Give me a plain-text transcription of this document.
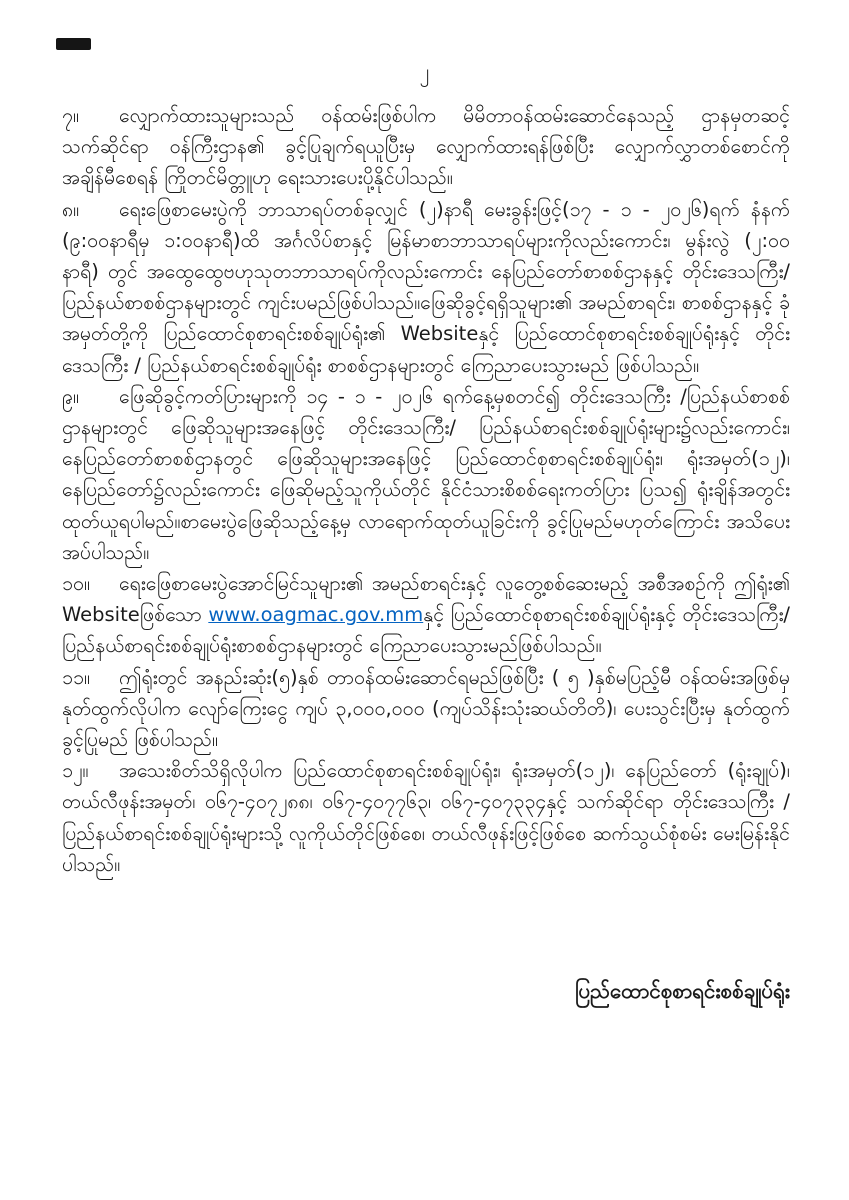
၂

၇။ လျှောက်ထားသူများသည် ဝန်ထမ်းဖြစ်ပါက မိမိတာဝန်ထမ်းဆောင်နေသည့် ဌာနမှတဆင့် သက်ဆိုင်ရာ ဝန်ကြီးဌာန၏ ခွင့်ပြုချက်ရယူပြီးမှ လျှောက်ထားရန်ဖြစ်ပြီး လျှောက်လွှာတစ်စောင်ကို အချိန်မီစေရန် ကြိုတင်မိတ္တူဟု ရေးသားပေးပို့နိုင်ပါသည်။

၈။ ရေးဖြေစာမေးပွဲကို ဘာသာရပ်တစ်ခုလျှင် (၂)နာရီ မေးခွန်းဖြင့်(၁၇ - ၁ - ၂၀၂၆)ရက် နံနက် (၉:၀၀နာရီမှ ၁:၀၀နာရီ)ထိ အင်္ဂလိပ်စာနှင့် မြန်မာစာဘာသာရပ်များကိုလည်းကောင်း၊ မွန်းလွဲ (၂:၀၀ နာရီ) တွင် အထွေထွေဗဟုသုတဘာသာရပ်ကိုလည်းကောင်း နေပြည်တော်စာစစ်ဌာနနှင့် တိုင်းဒေသကြီး/ ပြည်နယ်စာစစ်ဌာနများတွင် ကျင်းပမည်ဖြစ်ပါသည်။ဖြေဆိုခွင့်ရရှိသူများ၏ အမည်စာရင်း၊ စာစစ်ဌာနနှင့် ခုံအမှတ်တို့ကို ပြည်ထောင်စုစာရင်းစစ်ချုပ်ရုံး၏ Websiteနှင့် ပြည်ထောင်စုစာရင်းစစ်ချုပ်ရုံးနှင့် တိုင်းဒေသကြီး / ပြည်နယ်စာရင်းစစ်ချုပ်ရုံး စာစစ်ဌာနများတွင် ကြေညာပေးသွားမည် ဖြစ်ပါသည်။

၉။ ဖြေဆိုခွင့်ကတ်ပြားများကို ၁၄ - ၁ - ၂၀၂၆ ရက်နေ့မှစတင်၍ တိုင်းဒေသကြီး /ပြည်နယ်စာစစ်ဌာနများတွင် ဖြေဆိုသူများအနေဖြင့် တိုင်းဒေသကြီး/ ပြည်နယ်စာရင်းစစ်ချုပ်ရုံးများ၌လည်းကောင်း၊ နေပြည်တော်စာစစ်ဌာနတွင် ဖြေဆိုသူများအနေဖြင့် ပြည်ထောင်စုစာရင်းစစ်ချုပ်ရုံး၊ ရုံးအမှတ်(၁၂)၊ နေပြည်တော်၌လည်းကောင်း ဖြေဆိုမည့်သူကိုယ်တိုင် နိုင်ငံသားစိစစ်ရေးကတ်ပြား ပြသ၍ ရုံးချိန်အတွင်း ထုတ်ယူရပါမည်။စာမေးပွဲဖြေဆိုသည့်နေ့မှ လာရောက်ထုတ်ယူခြင်းကို ခွင့်ပြုမည်မဟုတ်ကြောင်း အသိပေးအပ်ပါသည်။

၁၀။ ရေးဖြေစာမေးပွဲအောင်မြင်သူများ၏ အမည်စာရင်းနှင့် လူတွေ့စစ်ဆေးမည့် အစီအစဉ်ကို ဤရုံး၏ Websiteဖြစ်သော www.oagmac.gov.mmနှင့် ပြည်ထောင်စုစာရင်းစစ်ချုပ်ရုံးနှင့် တိုင်းဒေသကြီး/ ပြည်နယ်စာရင်းစစ်ချုပ်ရုံးစာစစ်ဌာနများတွင် ကြေညာပေးသွားမည်ဖြစ်ပါသည်။

၁၁။ ဤရုံးတွင် အနည်းဆုံး(၅)နှစ် တာဝန်ထမ်းဆောင်ရမည်ဖြစ်ပြီး ( ၅ )နှစ်မပြည့်မီ ဝန်ထမ်းအဖြစ်မှ နုတ်ထွက်လိုပါက လျော်ကြေးငွေ ကျပ် ၃,၀၀၀,၀၀၀ (ကျပ်သိန်းသုံးဆယ်တိတိ)၊ ပေးသွင်းပြီးမှ နုတ်ထွက် ခွင့်ပြုမည် ဖြစ်ပါသည်။

၁၂။ အသေးစိတ်သိရှိလိုပါက ပြည်ထောင်စုစာရင်းစစ်ချုပ်ရုံး၊ ရုံးအမှတ်(၁၂)၊ နေပြည်တော် (ရုံးချုပ်)၊ တယ်လီဖုန်းအမှတ်၊ ၀၆၇-၄၀၇၂၈၈၊ ၀၆၇-၄၀၇၇၆၃၊ ၀၆၇-၄၀၇၃၃၄နှင့် သက်ဆိုင်ရာ တိုင်းဒေသကြီး / ပြည်နယ်စာရင်းစစ်ချုပ်ရုံးများသို့ လူကိုယ်တိုင်ဖြစ်စေ၊ တယ်လီဖုန်းဖြင့်ဖြစ်စေ ဆက်သွယ်စုံစမ်း မေးမြန်းနိုင်ပါသည်။

ပြည်ထောင်စုစာရင်းစစ်ချုပ်ရုံး
